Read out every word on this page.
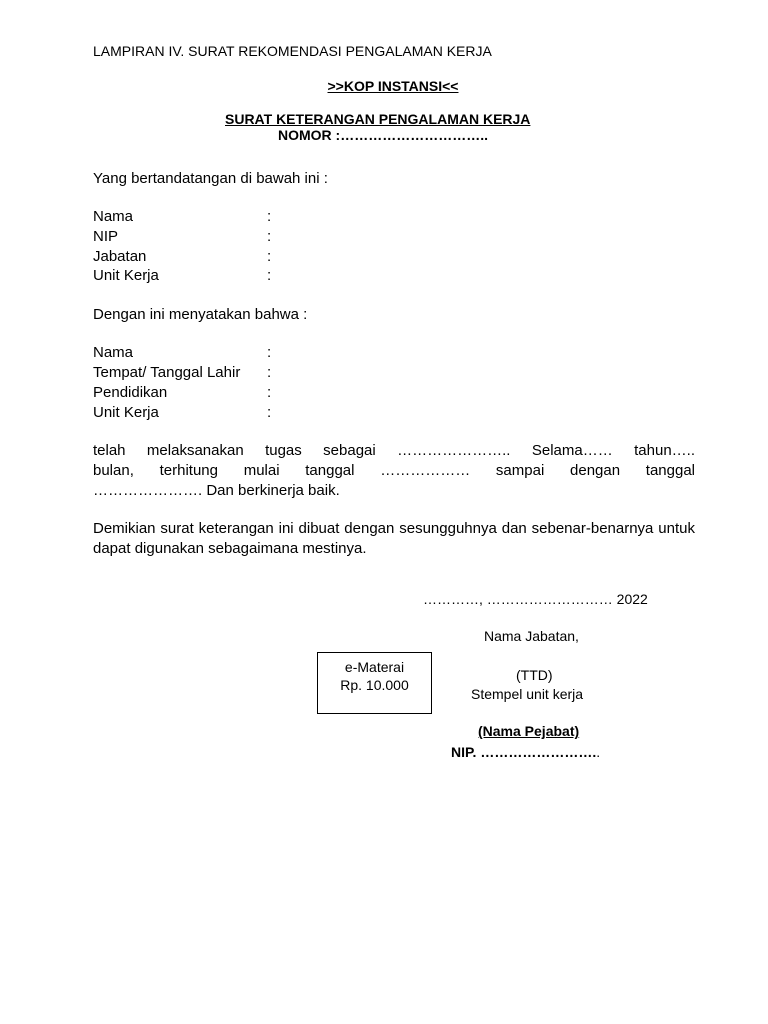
LAMPIRAN IV. SURAT REKOMENDASI PENGALAMAN KERJA
>>KOP INSTANSI<<
SURAT KETERANGAN PENGALAMAN KERJA
NOMOR :…………………………..
Yang bertandatangan di bawah ini :
Nama	:
NIP	:
Jabatan	:
Unit Kerja	:
Dengan ini menyatakan bahwa :
Nama	:
Tempat/ Tanggal Lahir :
Pendidikan	:
Unit Kerja	:
telah melaksanakan tugas sebagai ………………….. Selama…… tahun…..
bulan, terhitung mulai tanggal ……………… sampai dengan tanggal
…………………. Dan berkinerja baik.

Demikian surat keterangan ini dibuat dengan sesungguhnya dan sebenar-benarnya untuk dapat digunakan sebagaimana mestinya.

…………, ……………………… 2022
Nama Jabatan,
e-Materai
Rp. 10.000
(TTD)
Stempel unit kerja
(Nama Pejabat)
NIP. ……………………..
